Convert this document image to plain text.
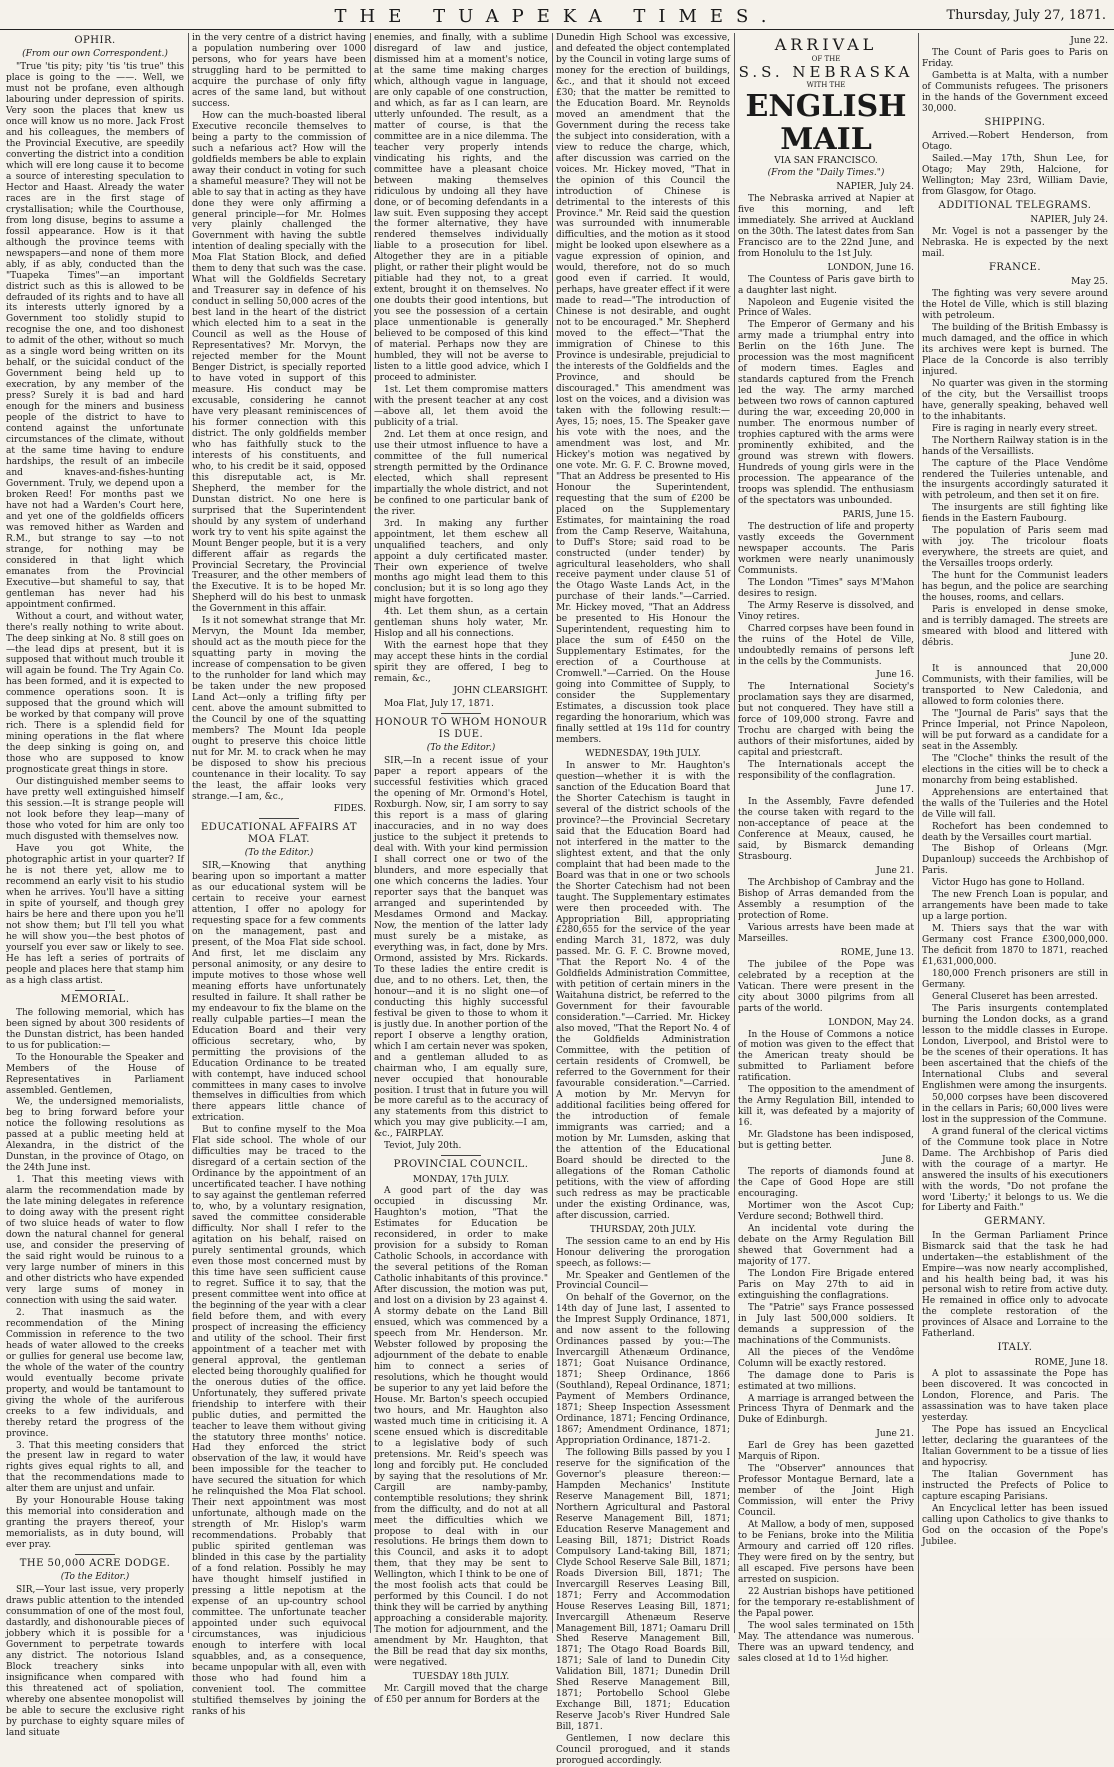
THE TUAPEKA TIMES.	Thursday, July 27, 1871.
OPHIR.
(From our own Correspondent.)

"True 'tis pity; pity 'tis 'tis true" this place is going to the ——. Well, we must not be profane, even although labouring under depression of spirits. Very soon the places that knew us once will know us no more. Jack Frost and his colleagues, the members of the Provincial Executive, are speedily converting the district into a condition which will ere long cause it to become a source of interesting speculation to Hector and Haast. Already the water races are in the first stage of crystallisation; while the Courthouse, from long disuse, begins to assume a fossil appearance. How is it that although the province teems with newspapers—and none of them more ably, if as ably, conducted than the "Tuapeka Times"—an important district such as this is allowed to be defrauded of its rights and to have all its interests utterly ignored by a Government too stolidly stupid to recognise the one, and too dishonest to admit of the other, without so much as a single word being written on its behalf, or the suicidal conduct of the Government being held up to execration, by any member of the press? Surely it is bad and hard enough for the miners and business people of the district to have to contend against the unfortunate circumstances of the climate, without at the same time having to endure hardships, the result of an imbecile and knaves-and-fishes-hunting Government. Truly, we depend upon a broken Reed! For months past we have not had a Warden's Court here, and yet one of the goldfields officers was removed hither as Warden and R.M., but strange to say —to not strange, for nothing may be considered in that light which emanates from the Provincial Executive—but shameful to say, that gentleman has never had his appointment confirmed.

Without a court, and without water, there's really nothing to write about. The deep sinking at No. 8 still goes on—the lead dips at present, but it is supposed that without much trouble it will again be found. The Try Again Co. has been formed, and it is expected to commence operations soon. It is supposed that the ground which will be worked by that company will prove rich. There is a splendid field for mining operations in the flat where the deep sinking is going on, and those who are supposed to know prognosticate great things in store.

Our distinguished member seems to have pretty well extinguished himself this session.—It is strange people will not look before they leap—many of those who voted for him are only too much disgusted with themselves now.

Have you got White, the photographic artist in your quarter? If he is not there yet, allow me to recommend an early visit to his studio when he arrives. You'll have a sitting in spite of yourself, and though grey hairs be here and there upon you he'll not show them; but I'll tell you what he will show you—the best photos of yourself you ever saw or likely to see. He has left a series of portraits of people and places here that stamp him as a high class artist.

MEMORIAL.

The following memorial, which has been signed by about 300 residents of the Dunstan district, has been handed to us for publication:—

To the Honourable the Speaker and Members of the House of Representatives in Parliament assembled. Gentlemen,

We, the undersigned memorialists, beg to bring forward before your notice the following resolutions as passed at a public meeting held at Alexandra, in the district of the Dunstan, in the province of Otago, on the 24th June inst.

1. That this meeting views with alarm the recommendation made by the late mining delegates in reference to doing away with the present right of two sluice heads of water to flow down the natural channel for general use, and consider the preserving of the said right would be ruinous to a very large number of miners in this and other districts who have expended very large sums of money in connection with using the said water.

2. That inasmuch as the recommendation of the Mining Commission in reference to the two heads of water allowed to the creeks or gullies for general use become law, the whole of the water of the country would eventually become private property, and would be tantamount to giving the whole of the auriferous creeks to a few individuals, and thereby retard the progress of the province.

3. That this meeting considers that the present law in regard to water rights gives equal rights to all, and that the recommendations made to alter them are unjust and unfair.

By your Honourable House taking this memorial into consideration and granting the prayers thereof, your memorialists, as in duty bound, will ever pray.

THE 50,000 ACRE DODGE.
(To the Editor.)

SIR,—Your last issue, very properly draws public attention to the intended consummation of one of the most foul, dastardly, and dishonourable pieces of jobbery which it is possible for a Government to perpetrate towards any district. The notorious Island Block treachery sinks into insignificance when compared with this threatened act of spoliation, whereby one absentee monopolist will be able to secure the exclusive right by purchase to eighty square miles of land situate

in the very centre of a district having a population numbering over 1000 persons, who for years have been struggling hard to be permitted to acquire the purchase of only fifty acres of the same land, but without success.

How can the much-boasted liberal Executive reconcile themselves to being a party to the commission of such a nefarious act? How will the goldfields members be able to explain away their conduct in voting for such a shameful measure? They will not be able to say that in acting as they have done they were only affirming a general principle—for Mr. Holmes very plainly challenged the Government with having the subtle intention of dealing specially with the Moa Flat Station Block, and defied them to deny that such was the case. What will the Goldfields Secretary and Treasurer say in defence of his conduct in selling 50,000 acres of the best land in the heart of the district which elected him to a seat in the Council as well as the House of Representatives? Mr. Morvyn, the rejected member for the Mount Benger District, is specially reported to have voted in support of this measure. His conduct may be excusable, considering he cannot have very pleasant reminiscences of his former connection with this district. The only goldfields member who has faithfully stuck to the interests of his constituents, and who, to his credit be it said, opposed this disreputable act, is Mr. Shepherd, the member for the Dunstan district. No one here is surprised that the Superintendent should by any system of underhand work try to vent his spite against the Mount Benger people, but it is a very different affair as regards the Provincial Secretary, the Provincial Treasurer, and the other members of the Executive. It is to be hoped Mr. Shepherd will do his best to unmask the Government in this affair.

Is it not somewhat strange that Mr. Mervyn, the Mount Ida member, should act as the mouth piece for the squatting party in moving the increase of compensation to be given to the runholder for land which may be taken under the new proposed Land Act—only a trifling fifty per cent. above the amount submitted to the Council by one of the squatting members? The Mount Ida people ought to preserve this choice little nut for Mr. M. to crack when he may be disposed to show his precious countenance in their locality. To say the least, the affair looks very strange.—I am, &c.,

FIDES.
EDUCATIONAL AFFAIRS AT MOA FLAT.
(To the Editor.)

SIR,—Knowing that anything bearing upon so important a matter as our educational system will be certain to receive your earnest attention, I offer no apology for requesting space for a few comments on the management, past and present, of the Moa Flat side school. And first, let me disclaim any personal animosity, or any desire to impute motives to those whose well meaning efforts have unfortunately resulted in failure. It shall rather be my endeavour to fix the blame on the really culpable parties—I mean the Education Board and their very officious secretary, who, by permitting the provisions of the Education Ordinance to be treated with contempt, have induced school committees in many cases to involve themselves in difficulties from which there appears little chance of extrication.

But to confine myself to the Moa Flat side school. The whole of our difficulties may be traced to the disregard of a certain section of the Ordinance by the appointment of an uncertificated teacher. I have nothing to say against the gentleman referred to, who, by a voluntary resignation, saved the committee considerable difficulty. Nor shall I refer to the agitation on his behalf, raised on purely sentimental grounds, which even those most concerned must by this time have seen sufficient cause to regret. Suffice it to say, that the present committee went into office at the beginning of the year with a clear field before them, and with every prospect of increasing the efficiency and utility of the school. Their first appointment of a teacher met with general approval, the gentleman elected being thoroughly qualified for the onerous duties of the office. Unfortunately, they suffered private friendship to interfere with their public duties, and permitted the teacher to leave them without giving the statutory three months' notice. Had they enforced the strict observation of the law, it would have been impossible for the teacher to have secured the situation for which he relinquished the Moa Flat school. Their next appointment was most unfortunate, although made on the strength of Mr. Hislop's warm recommendations. Probably that public spirited gentleman was blinded in this case by the partiality of a fond relation. Possibly he may have thought himself justified in pressing a little nepotism at the expense of an up-country school committee. The unfortunate teacher appointed under such equivocal circumstances, was injudicious enough to interfere with local squabbles, and, as a consequence, became unpopular with all, even with those who had found him a convenient tool. The committee stultified themselves by joining the ranks of his

enemies, and finally, with a sublime disregard of law and justice, dismissed him at a moment's notice, at the same time making charges which, although vague in language, are only capable of one construction, and which, as far as I can learn, are utterly unfounded. The result, as a matter of course, is that the committee are in a nice dilemma. The teacher very properly intends vindicating his rights, and the committee have a pleasant choice between making themselves ridiculous by undoing all they have done, or of becoming defendants in a law suit. Even supposing they accept the former alternative, they have rendered themselves individually liable to a prosecution for libel. Altogether they are in a pitiable plight, or rather their plight would be pitiable had they not, to a great extent, brought it on themselves. No one doubts their good intentions, but you see the possession of a certain place unmentionable is generally believed to be composed of this kind of material. Perhaps now they are humbled, they will not be averse to listen to a little good advice, which I proceed to administer.

1st. Let them compromise matters with the present teacher at any cost—above all, let them avoid the publicity of a trial.

2nd. Let them at once resign, and use their utmost influence to have a committee of the full numerical strength permitted by the Ordinance elected, which shall represent impartially the whole district, and not be confined to one particular bank of the river.

3rd. In making any further appointment, let them eschew all unqualified teachers, and only appoint a duly certificated master. Their own experience of twelve months ago might lead them to this conclusion; but it is so long ago they might have forgotten.

4th. Let them shun, as a certain gentleman shuns holy water, Mr. Hislop and all his connections.

With the earnest hope that they may accept these hints in the cordial spirit they are offered, I beg to remain, &c.,

JOHN CLEARSIGHT.

Moa Flat, July 17, 1871.

HONOUR TO WHOM HONOUR IS DUE.
(To the Editor.)

SIR,—In a recent issue of your paper a report appears of the successful festivities which graced the opening of Mr. Ormond's Hotel, Roxburgh. Now, sir, I am sorry to say this report is a mass of glaring inaccuracies, and in no way does justice to the subject it pretends to deal with. With your kind permission I shall correct one or two of the blunders, and more especially that one which concerns the ladies. Your reporter says that the banquet was arranged and superintended by Mesdames Ormond and Mackay. Now, the mention of the latter lady must surely be a mistake, as everything was, in fact, done by Mrs. Ormond, assisted by Mrs. Rickards. To these ladies the entire credit is due, and to no others. Let, then, the honour—and it is no slight one—of conducting this highly successful festival be given to those to whom it is justly due. In another portion of the report I observe a lengthy oration, which I am certain never was spoken, and a gentleman alluded to as chairman who, I am equally sure, never occupied that honourable position. I trust that in future you will be more careful as to the accuracy of any statements from this district to which you may give publicity.—I am, &c., FAIRPLAY.

Teviot, July 20th.

PROVINCIAL COUNCIL.
MONDAY, 17th JULY.

A good part of the day was occupied in discussing Mr. Haughton's motion, "That the Estimates for Education be reconsidered, in order to make provision for a subsidy to Roman Catholic Schools, in accordance with the several petitions of the Roman Catholic inhabitants of this province." After discussion, the motion was put, and lost on a division by 23 against 4. A stormy debate on the Land Bill ensued, which was commenced by a speech from Mr. Henderson. Mr. Webster followed by proposing the adjournment of the debate to enable him to connect a series of resolutions, which he thought would be superior to any yet laid before the House. Mr. Barton's speech occupied two hours, and Mr. Haughton also wasted much time in criticising it. A scene ensued which is discreditable to a legislative body of such pretensions. Mr. Reid's speech was long and forcibly put. He concluded by saying that the resolutions of Mr. Cargill are namby-pamby, contemptible resolutions; they shrink from the difficulty, and do not at all meet the difficulties which we propose to deal with in our resolutions. He brings them down to this Council, and asks it to adopt them, that they may be sent to Wellington, which I think to be one of the most foolish acts that could be performed by this Council. I do not think they will be carried by anything approaching a considerable majority. The motion for adjournment, and the amendment by Mr. Haughton, that the Bill be read that day six months, were negatived.

TUESDAY 18th JULY.

Mr. Cargill moved that the charge of £50 per annum for Borders at the

Dunedin High School was excessive, and defeated the object contemplated by the Council in voting large sums of money for the erection of buildings, &c., and that it should not exceed £30; that the matter be remitted to the Education Board. Mr. Reynolds moved an amendment that the Government during the recess take the subject into consideration, with a view to reduce the charge, which, after discussion was carried on the voices. Mr. Hickey moved, "That in the opinion of this Council the introduction of Chinese is detrimental to the interests of this Province." Mr. Reid said the question was surrounded with innumerable difficulties, and the motion as it stood might be looked upon elsewhere as a vague expression of opinion, and would, therefore, not do so much good even if carried. It would, perhaps, have greater effect if it were made to read—"The introduction of Chinese is not desirable, and ought not to be encouraged." Mr. Shepherd moved to the effect—"That the immigration of Chinese to this Province is undesirable, prejudicial to the interests of the Goldfields and the Province, and should be discouraged." This amendment was lost on the voices, and a division was taken with the following result:—Ayes, 15; noes, 15. The Speaker gave his vote with the noes, and the amendment was lost, and Mr. Hickey's motion was negatived by one vote. Mr. G. F. C. Browne moved, "That an Address be presented to His Honour the Superintendent, requesting that the sum of £200 be placed on the Supplementary Estimates, for maintaining the road from the Camp Reserve, Waitahuna, to Duff's Store; said road to be constructed (under tender) by agricultural leaseholders, who shall receive payment under clause 51 of the Otago Waste Lands Act, in the purchase of their lands."—Carried. Mr. Hickey moved, "That an Address be presented to His Honour the Superintendent, requesting him to place the sum of £450 on the Supplementary Estimates, for the erection of a Courthouse at Cromwell."—Carried. On the House going into Committee of Supply, to consider the Supplementary Estimates, a discussion took place regarding the honorarium, which was finally settled at 19s 11d for country members.

WEDNESDAY, 19th JULY.

In answer to Mr. Haughton's question—whether it is with the sanction of the Education Board that the Shorter Catechism is taught in several of the district schools of the province?—the Provincial Secretary said that the Education Board had not interfered in the matter to the slightest extent, and that the only complaint that had been made to the Board was that in one or two schools the Shorter Catechism had not been taught. The Supplementary estimates were then proceeded with. The Appropriation Bill, appropriating £280,655 for the service of the year ending March 31, 1872, was duly passed. Mr. G. F. C. Browne moved, "That the Report No. 4 of the Goldfields Administration Committee, with petition of certain miners in the Waitahuna district, be referred to the Government for their favourable consideration."—Carried. Mr. Hickey also moved, "That the Report No. 4 of the Goldfields Administration Committee, with the petition of certain residents of Cromwell, be referred to the Government for their favourable consideration."—Carried. A motion by Mr. Mervyn for additional facilities being offered for the introduction of female immigrants was carried; and a motion by Mr. Lumsden, asking that the attention of the Educational Board should be directed to the allegations of the Roman Catholic petitions, with the view of affording such redress as may be practicable under the existing Ordinance, was, after discussion, carried.

THURSDAY, 20th JULY.

The session came to an end by His Honour delivering the prorogation speech, as follows:—

Mr. Speaker and Gentlemen of the Provincial Council—

On behalf of the Governor, on the 14th day of June last, I assented to the Imprest Supply Ordinance, 1871, and now assent to the following Ordinances passed by you:—The Invercargill Athenæum Ordinance, 1871; Goat Nuisance Ordinance, 1871; Sheep Ordinance, 1866 (Southland), Repeal Ordinance, 1871; Payment of Members Ordinance, 1871; Sheep Inspection Assessment Ordinance, 1871; Fencing Ordinance, 1867; Amendment Ordinance, 1871; Appropriation Ordinance, 1871-2.

The following Bills passed by you I reserve for the signification of the Governor's pleasure thereon:—Hampden Mechanics' Institute Reserve Management Bill, 1871; Northern Agricultural and Pastoral Reserve Management Bill, 1871; Education Reserve Management and Leasing Bill, 1871; District Roads Compulsory Land-taking Bill, 1871; Clyde School Reserve Sale Bill, 1871; Roads Diversion Bill, 1871; The Invercargill Reserves Leasing Bill, 1871; Ferry and Accommodation House Reserves Leasing Bill, 1871; Invercargill Athenæum Reserve Management Bill, 1871; Oamaru Drill Shed Reserve Management Bill, 1871; The Otago Road Boards Bill, 1871; Sale of land to Dunedin City Validation Bill, 1871; Dunedin Drill Shed Reserve Management Bill, 1871; Portobello School Glebe Exchange Bill, 1871; Education Reserve Jacob's River Hundred Sale Bill, 1871.

Gentlemen, I now declare this Council prorogued, and it stands prorogued accordingly.

ARRIVAL
OF THE
S.S. NEBRASKA
WITH THE
ENGLISH MAIL
VIA SAN FRANCISCO.
(From the "Daily Times.")
NAPIER, July 24.

The Nebraska arrived at Napier at five this morning, and left immediately. She arrived at Auckland on the 30th. The latest dates from San Francisco are to the 22nd June, and from Honolulu to the 1st July.

LONDON, June 16.

The Countess of Paris gave birth to a daughter last night.

Napoleon and Eugenie visited the Prince of Wales.

The Emperor of Germany and his army made a triumphal entry into Berlin on the 16th June. The procession was the most magnificent of modern times. Eagles and standards captured from the French led the way. The army marched between two rows of cannon captured during the war, exceeding 20,000 in number. The enormous number of trophies captured with the arms were prominently exhibited, and the ground was strewn with flowers. Hundreds of young girls were in the procession. The appearance of the troops was splendid. The enthusiasm of the spectators was unbounded.

PARIS, June 15.

The destruction of life and property vastly exceeds the Government newspaper accounts. The Paris workmen were nearly unanimously Communists.

The London "Times" says M'Mahon desires to resign.

The Army Reserve is dissolved, and Vinoy retires.

Charred corpses have been found in the ruins of the Hotel de Ville, undoubtedly remains of persons left in the cells by the Communists.

June 16.

The International Society's proclamation says they are disarmed, but not conquered. They have still a force of 109,000 strong. Favre and Trochu are charged with being the authors of their misfortunes, aided by capital and priestcraft.

The Internationals accept the responsibility of the conflagration.

June 17.

In the Assembly, Favre defended the course taken with regard to the non-acceptance of peace at the Conference at Meaux, caused, he said, by Bismarck demanding Strasbourg.

June 21.

The Archbishop of Cambray and the Bishop of Arras demanded from the Assembly a resumption of the protection of Rome.

Various arrests have been made at Marseilles.

ROME, June 13.

The jubilee of the Pope was celebrated by a reception at the Vatican. There were present in the city about 3000 pilgrims from all parts of the world.

LONDON, May 24.

In the House of Commons a notice of motion was given to the effect that the American treaty should be submitted to Parliament before ratification.

The opposition to the amendment of the Army Regulation Bill, intended to kill it, was defeated by a majority of 16.

Mr. Gladstone has been indisposed, but is getting better.

June 8.

The reports of diamonds found at the Cape of Good Hope are still encouraging.

Mortimer won the Ascot Cup; Verdure second; Bothwell third.

An incidental vote during the debate on the Army Regulation Bill shewed that Government had a majority of 177.

The London Fire Brigade entered Paris on May 27th to aid in extinguishing the conflagrations.

The "Patrie" says France possessed in July last 500,000 soldiers. It demands a suppression of the machinations of the Communists.

All the pieces of the Vendôme Column will be exactly restored.

The damage done to Paris is estimated at two millions.

A marriage is arranged between the Princess Thyra of Denmark and the Duke of Edinburgh.

June 21.

Earl de Grey has been gazetted Marquis of Ripon.

The "Observer" announces that Professor Montague Bernard, late a member of the Joint High Commission, will enter the Privy Council.

At Mallow, a body of men, supposed to be Fenians, broke into the Militia Armoury and carried off 120 rifles. They were fired on by the sentry, but all escaped. Five persons have been arrested on suspicion.

22 Austrian bishops have petitioned for the temporary re-establishment of the Papal power.

The wool sales terminated on 15th May. The attendance was numerous. There was an upward tendency, and sales closed at 1d to 1½d higher.

June 22.

The Count of Paris goes to Paris on Friday.

Gambetta is at Malta, with a number of Communists refugees. The prisoners in the hands of the Government exceed 30,000.

SHIPPING.

Arrived.—Robert Henderson, from Otago.

Sailed.—May 17th, Shun Lee, for Otago; May 29th, Halcione, for Wellington; May 23rd, William Davie, from Glasgow, for Otago.

ADDITIONAL TELEGRAMS.
NAPIER, July 24.

Mr. Vogel is not a passenger by the Nebraska. He is expected by the next mail.

FRANCE.
May 25.

The fighting was very severe around the Hotel de Ville, which is still blazing with petroleum.

The building of the British Embassy is much damaged, and the office in which its archives were kept is burned. The Place de la Concorde is also terribly injured.

No quarter was given in the storming of the city, but the Versaillist troops have, generally speaking, behaved well to the inhabitants.

Fire is raging in nearly every street.

The Northern Railway station is in the hands of the Versaillists.

The capture of the Place Vendôme rendered the Tuileries untenable, and the insurgents accordingly saturated it with petroleum, and then set it on fire.

The insurgents are still fighting like fiends in the Eastern Faubourg.

The population of Paris seem mad with joy. The tricolour floats everywhere, the streets are quiet, and the Versailles troops orderly.

The hunt for the Communist leaders has begun, and the police are searching the houses, rooms, and cellars.

Paris is enveloped in dense smoke, and is terribly damaged. The streets are smeared with blood and littered with débris.

June 20.

It is announced that 20,000 Communists, with their families, will be transported to New Caledonia, and allowed to form colonies there.

The "Journal de Paris" says that the Prince Imperial, not Prince Napoleon, will be put forward as a candidate for a seat in the Assembly.

The "Cloche" thinks the result of the elections in the cities will be to check a monarchy from being established.

Apprehensions are entertained that the walls of the Tuileries and the Hotel de Ville will fall.

Rochefort has been condemned to death by the Versailles court martial.

The Bishop of Orleans (Mgr. Dupanloup) succeeds the Archbishop of Paris.

Victor Hugo has gone to Holland.

The new French Loan is popular, and arrangements have been made to take up a large portion.

M. Thiers says that the war with Germany cost France £300,000,000. The deficit from 1870 to 1871, reached £1,631,000,000.

180,000 French prisoners are still in Germany.

General Cluseret has been arrested.

The Paris insurgents contemplated burning the London docks, as a grand lesson to the middle classes in Europe. London, Liverpool, and Bristol were to be the scenes of their operations. It has been ascertained that the chiefs of the International Clubs and several Englishmen were among the insurgents.

50,000 corpses have been discovered in the cellars in Paris; 60,000 lives were lost in the suppression of the Commune.

A grand funeral of the clerical victims of the Commune took place in Notre Dame. The Archbishop of Paris died with the courage of a martyr. He answered the insults of his executioners with the words, "Do not profane the word 'Liberty;' it belongs to us. We die for Liberty and Faith."

GERMANY.

In the German Parliament Prince Bismarck said that the task he had undertaken—the establishment of the Empire—was now nearly accomplished, and his health being bad, it was his personal wish to retire from active duty. He remained in office only to advocate the complete restoration of the provinces of Alsace and Lorraine to the Fatherland.

ITALY.
ROME, June 18.

A plot to assassinate the Pope has been discovered. It was concocted in London, Florence, and Paris. The assassination was to have taken place yesterday.

The Pope has issued an Encyclical letter, declaring the guarantees of the Italian Government to be a tissue of lies and hypocrisy.

The Italian Government has instructed the Prefects of Police to capture escaping Parisians.

An Encyclical letter has been issued calling upon Catholics to give thanks to God on the occasion of the Pope's Jubilee.
